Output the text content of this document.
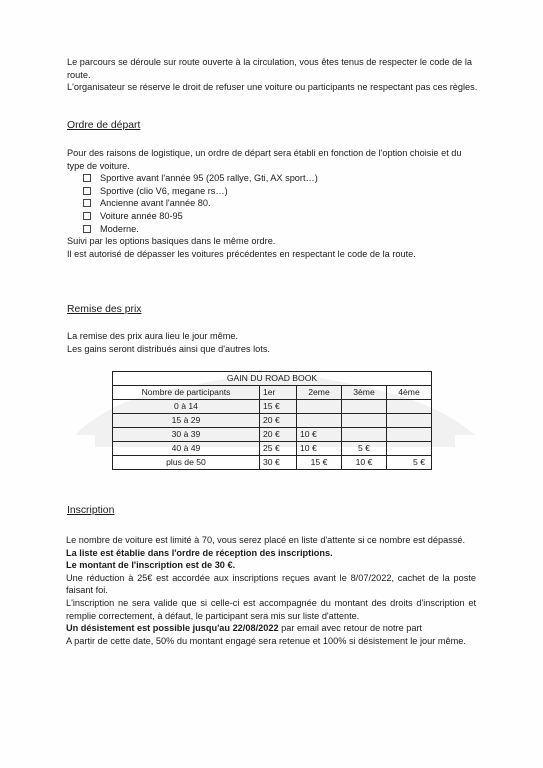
Le parcours se déroule sur route ouverte à la circulation, vous êtes tenus de respecter le code de la route.

L'organisateur se réserve le droit de refuser une voiture ou participants ne respectant pas ces règles.

Ordre de départ

Pour des raisons de logistique, un ordre de départ sera établi en fonction de l'option choisie et du type de voiture.

Sportive avant l'année 95 (205 rallye, Gti, AX sport…)
Sportive (clio V6, megane rs…)
Ancienne avant l'année 80.
Voiture année 80-95
Moderne.

Suivi par les options basiques dans le même ordre.

Il est autorisé de dépasser les voitures précédentes en respectant le code de la route.

Remise des prix

La remise des prix aura lieu le jour même.

Les gains seront distribués ainsi que d'autres lots.

GAIN DU ROAD BOOK				
Nombre de participants	1er	2eme	3ème	4ème
0 à 14	15 €			
15 à 29	20 €			
30 à 39	20 €	10 €		
40 à 49	25 €	10 €	5 €	
plus de 50	30 €	15 €	10 €	5 €

Inscription

Le nombre de voiture est limité à 70, vous serez placé en liste d'attente si ce nombre est dépassé.

La liste est établie dans l'ordre de réception des inscriptions.

Le montant de l'inscription est de 30 €.

Une réduction à 25€ est accordée aux inscriptions reçues avant le 8/07/2022, cachet de la poste faisant foi.

L'inscription ne sera valide que si celle-ci est accompagnée du montant des droits d'inscription et remplie correctement, à défaut, le participant sera mis sur liste d'attente.

Un désistement est possible jusqu'au 22/08/2022 par email avec retour de notre part

A partir de cette date, 50% du montant engagé sera retenue et 100% si désistement le jour même.
